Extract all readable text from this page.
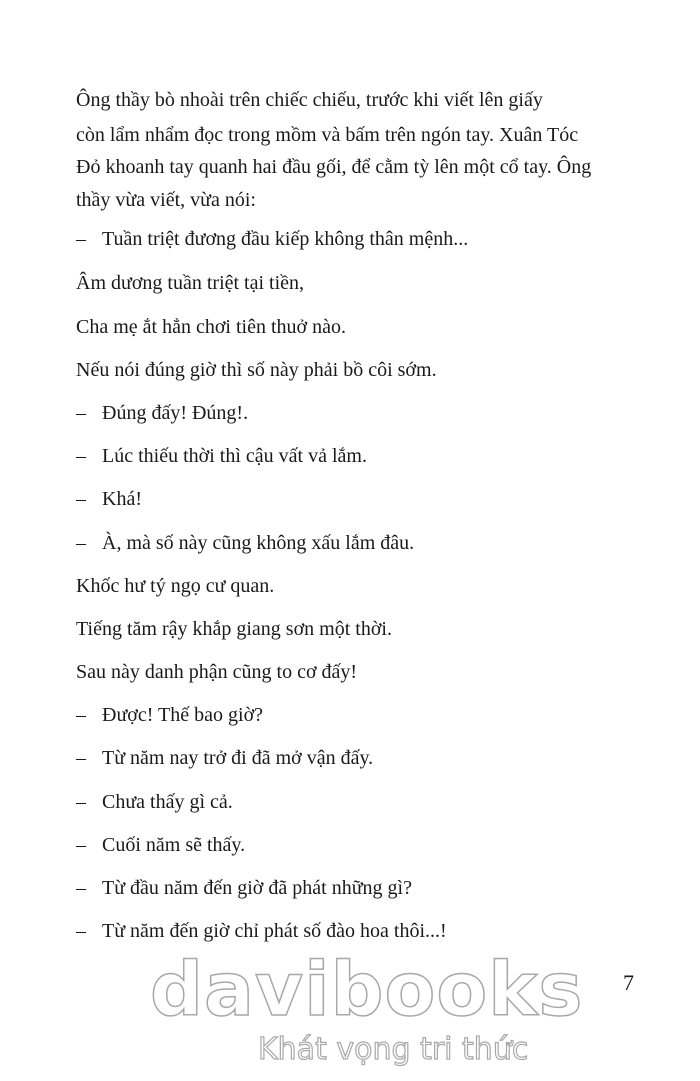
Ông thầy bò nhoài trên chiếc chiếu, trước khi viết lên giấy

còn lẩm nhẩm đọc trong mồm và bấm trên ngón tay. Xuân Tóc

Đỏ khoanh tay quanh hai đầu gối, để cằm tỳ lên một cổ tay. Ông

thầy vừa viết, vừa nói:

– Tuần triệt đương đầu kiếp không thân mệnh...

Âm dương tuần triệt tại tiền,

Cha mẹ ắt hẳn chơi tiên thuở nào.

Nếu nói đúng giờ thì số này phải bồ côi sớm.

– Đúng đấy! Đúng!.

– Lúc thiếu thời thì cậu vất vả lắm.

– Khá!

– À, mà số này cũng không xấu lắm đâu.

Khốc hư tý ngọ cư quan.

Tiếng tăm rậy khắp giang sơn một thời.

Sau này danh phận cũng to cơ đấy!

– Được! Thế bao giờ?

– Từ năm nay trở đi đã mở vận đấy.

– Chưa thấy gì cả.

– Cuối năm sẽ thấy.

– Từ đầu năm đến giờ đã phát những gì?

– Từ năm đến giờ chỉ phát số đào hoa thôi...!

7
davibooks
Khát vọng tri thức
